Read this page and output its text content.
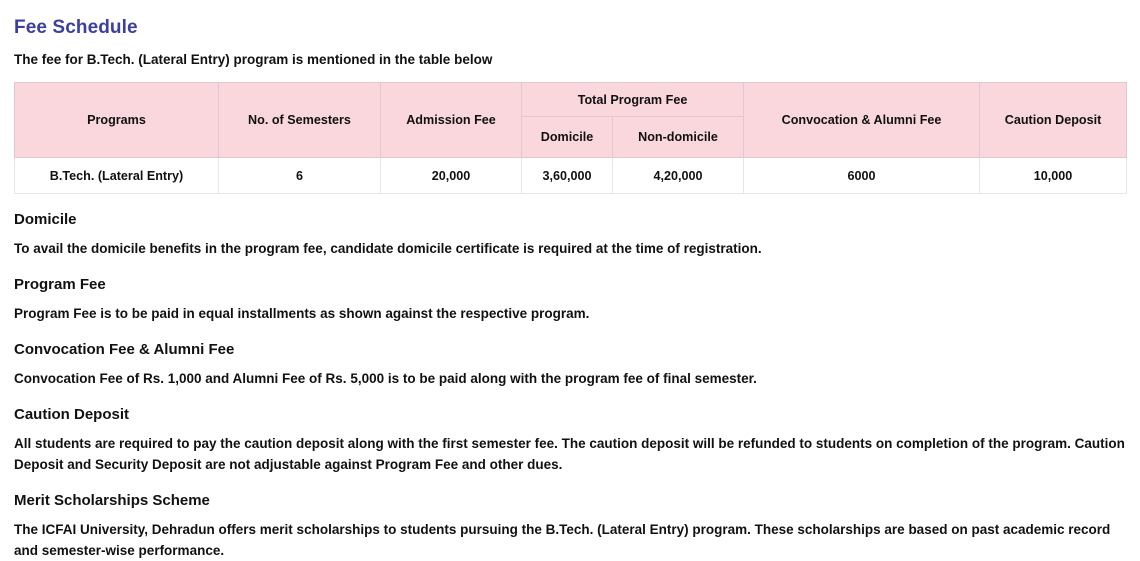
Fee Schedule

The fee for B.Tech. (Lateral Entry) program is mentioned in the table below

Programs	No. of Semesters	Admission Fee	Total Program Fee		Convocation & Alumni Fee	Caution Deposit
			Domicile	Non-domicile		
B.Tech. (Lateral Entry)	6	20,000	3,60,000	4,20,000	6000	10,000
Domicile

To avail the domicile benefits in the program fee, candidate domicile certificate is required at the time of registration.

Program Fee

Program Fee is to be paid in equal installments as shown against the respective program.

Convocation Fee & Alumni Fee

Convocation Fee of Rs. 1,000 and Alumni Fee of Rs. 5,000 is to be paid along with the program fee of final semester.

Caution Deposit

All students are required to pay the caution deposit along with the first semester fee. The caution deposit will be refunded to students on completion of the program. Caution Deposit and Security Deposit are not adjustable against Program Fee and other dues.

Merit Scholarships Scheme

The ICFAI University, Dehradun offers merit scholarships to students pursuing the B.Tech. (Lateral Entry) program. These scholarships are based on past academic record and semester-wise performance.
